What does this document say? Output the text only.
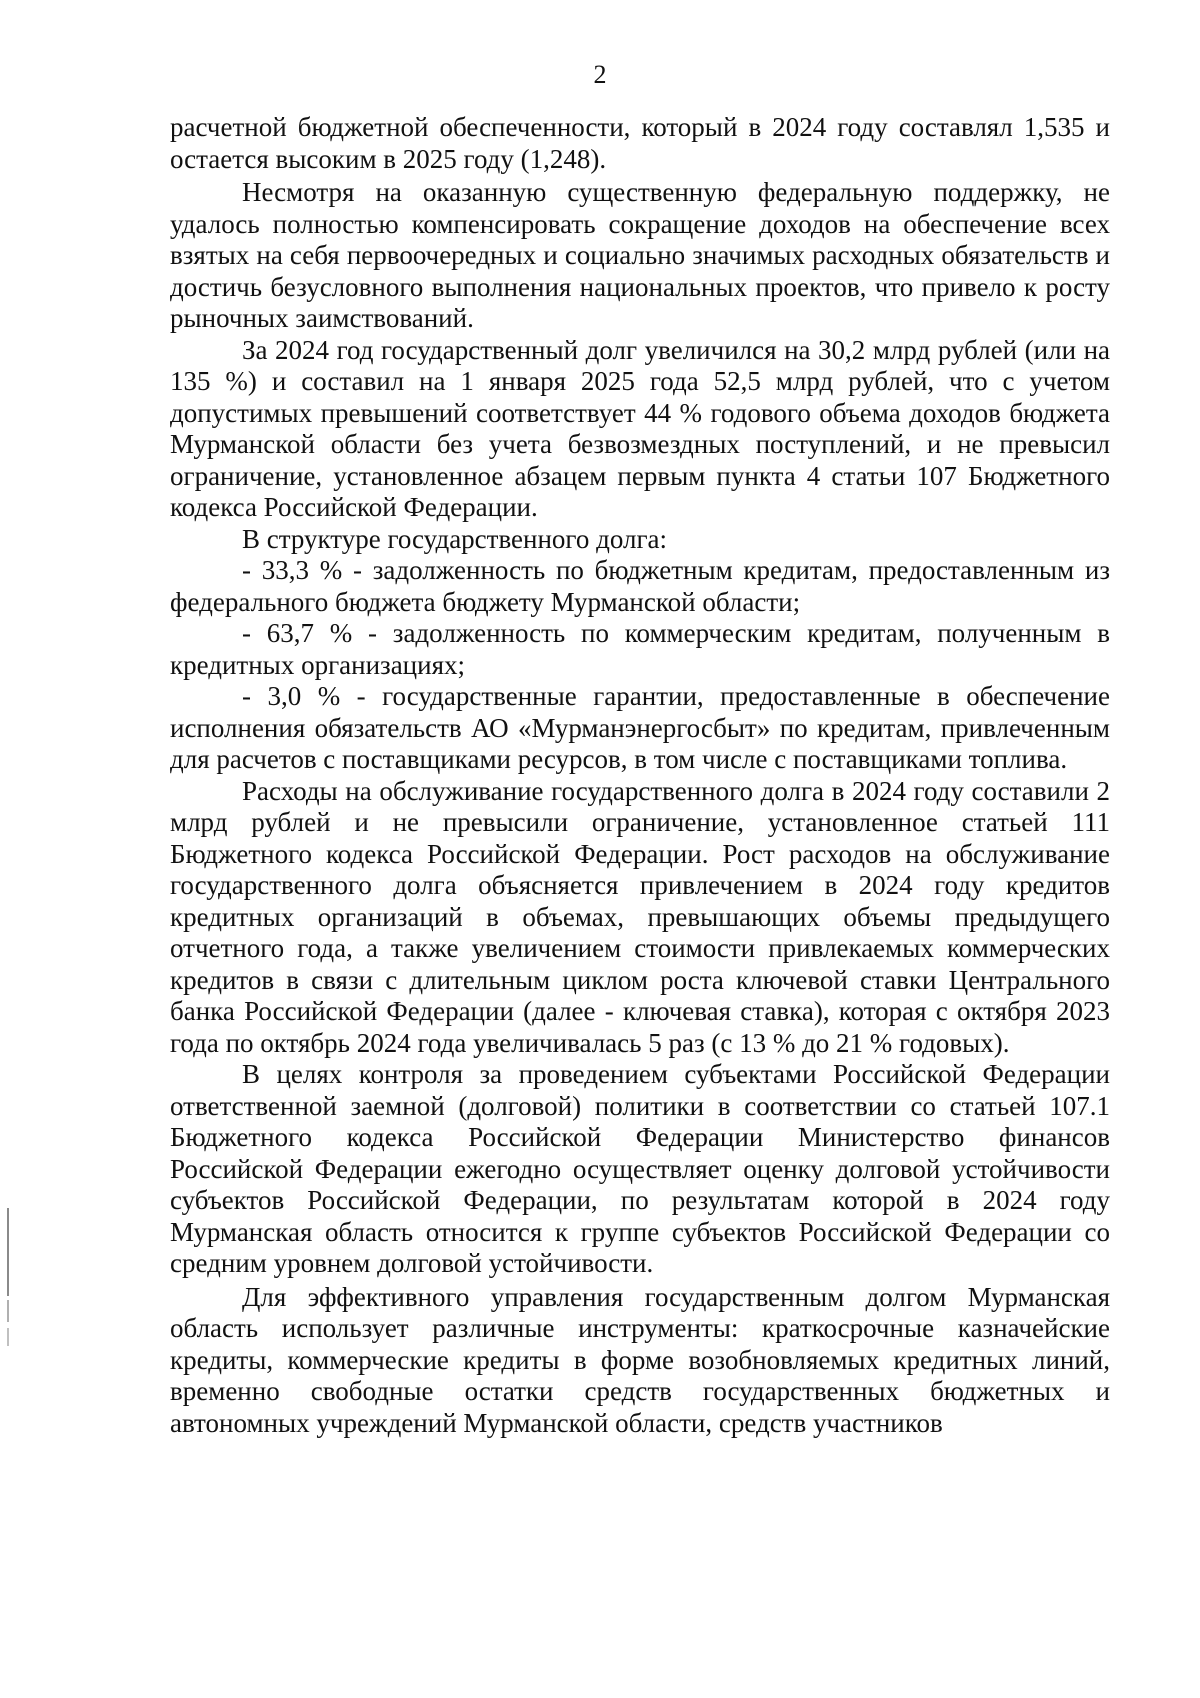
2

расчетной бюджетной обеспеченности, который в 2024 году составлял 1,535 и остается высоким в 2025 году (1,248).

Несмотря на оказанную существенную федеральную поддержку, не удалось полностью компенсировать сокращение доходов на обеспечение всех взятых на себя первоочередных и социально значимых расходных обязательств и достичь безусловного выполнения национальных проектов, что привело к росту рыночных заимствований.

За 2024 год государственный долг увеличился на 30,2 млрд рублей (или на 135 %) и составил на 1 января 2025 года 52,5 млрд рублей, что с учетом допустимых превышений соответствует 44 % годового объема доходов бюджета Мурманской области без учета безвозмездных поступлений, и не превысил ограничение, установленное абзацем первым пункта 4 статьи 107 Бюджетного кодекса Российской Федерации.

В структуре государственного долга:

- 33,3 % - задолженность по бюджетным кредитам, предоставленным из федерального бюджета бюджету Мурманской области;

- 63,7 % - задолженность по коммерческим кредитам, полученным в кредитных организациях;

- 3,0 % - государственные гарантии, предоставленные в обеспечение исполнения обязательств АО «Мурманэнергосбыт» по кредитам, привлеченным для расчетов с поставщиками ресурсов, в том числе с поставщиками топлива.

Расходы на обслуживание государственного долга в 2024 году составили 2 млрд рублей и не превысили ограничение, установленное статьей 111 Бюджетного кодекса Российской Федерации. Рост расходов на обслуживание государственного долга объясняется привлечением в 2024 году кредитов кредитных организаций в объемах, превышающих объемы предыдущего отчетного года, а также увеличением стоимости привлекаемых коммерческих кредитов в связи с длительным циклом роста ключевой ставки Центрального банка Российской Федерации (далее - ключевая ставка), которая с октября 2023 года по октябрь 2024 года увеличивалась 5 раз (с 13 % до 21 % годовых).

В целях контроля за проведением субъектами Российской Федерации ответственной заемной (долговой) политики в соответствии со статьей 107.1 Бюджетного кодекса Российской Федерации Министерство финансов Российской Федерации ежегодно осуществляет оценку долговой устойчивости субъектов Российской Федерации, по результатам которой в 2024 году Мурманская область относится к группе субъектов Российской Федерации со средним уровнем долговой устойчивости.

Для эффективного управления государственным долгом Мурманская область использует различные инструменты: краткосрочные казначейские кредиты, коммерческие кредиты в форме возобновляемых кредитных линий, временно свободные остатки средств государственных бюджетных и автономных учреждений Мурманской области, средств участников
